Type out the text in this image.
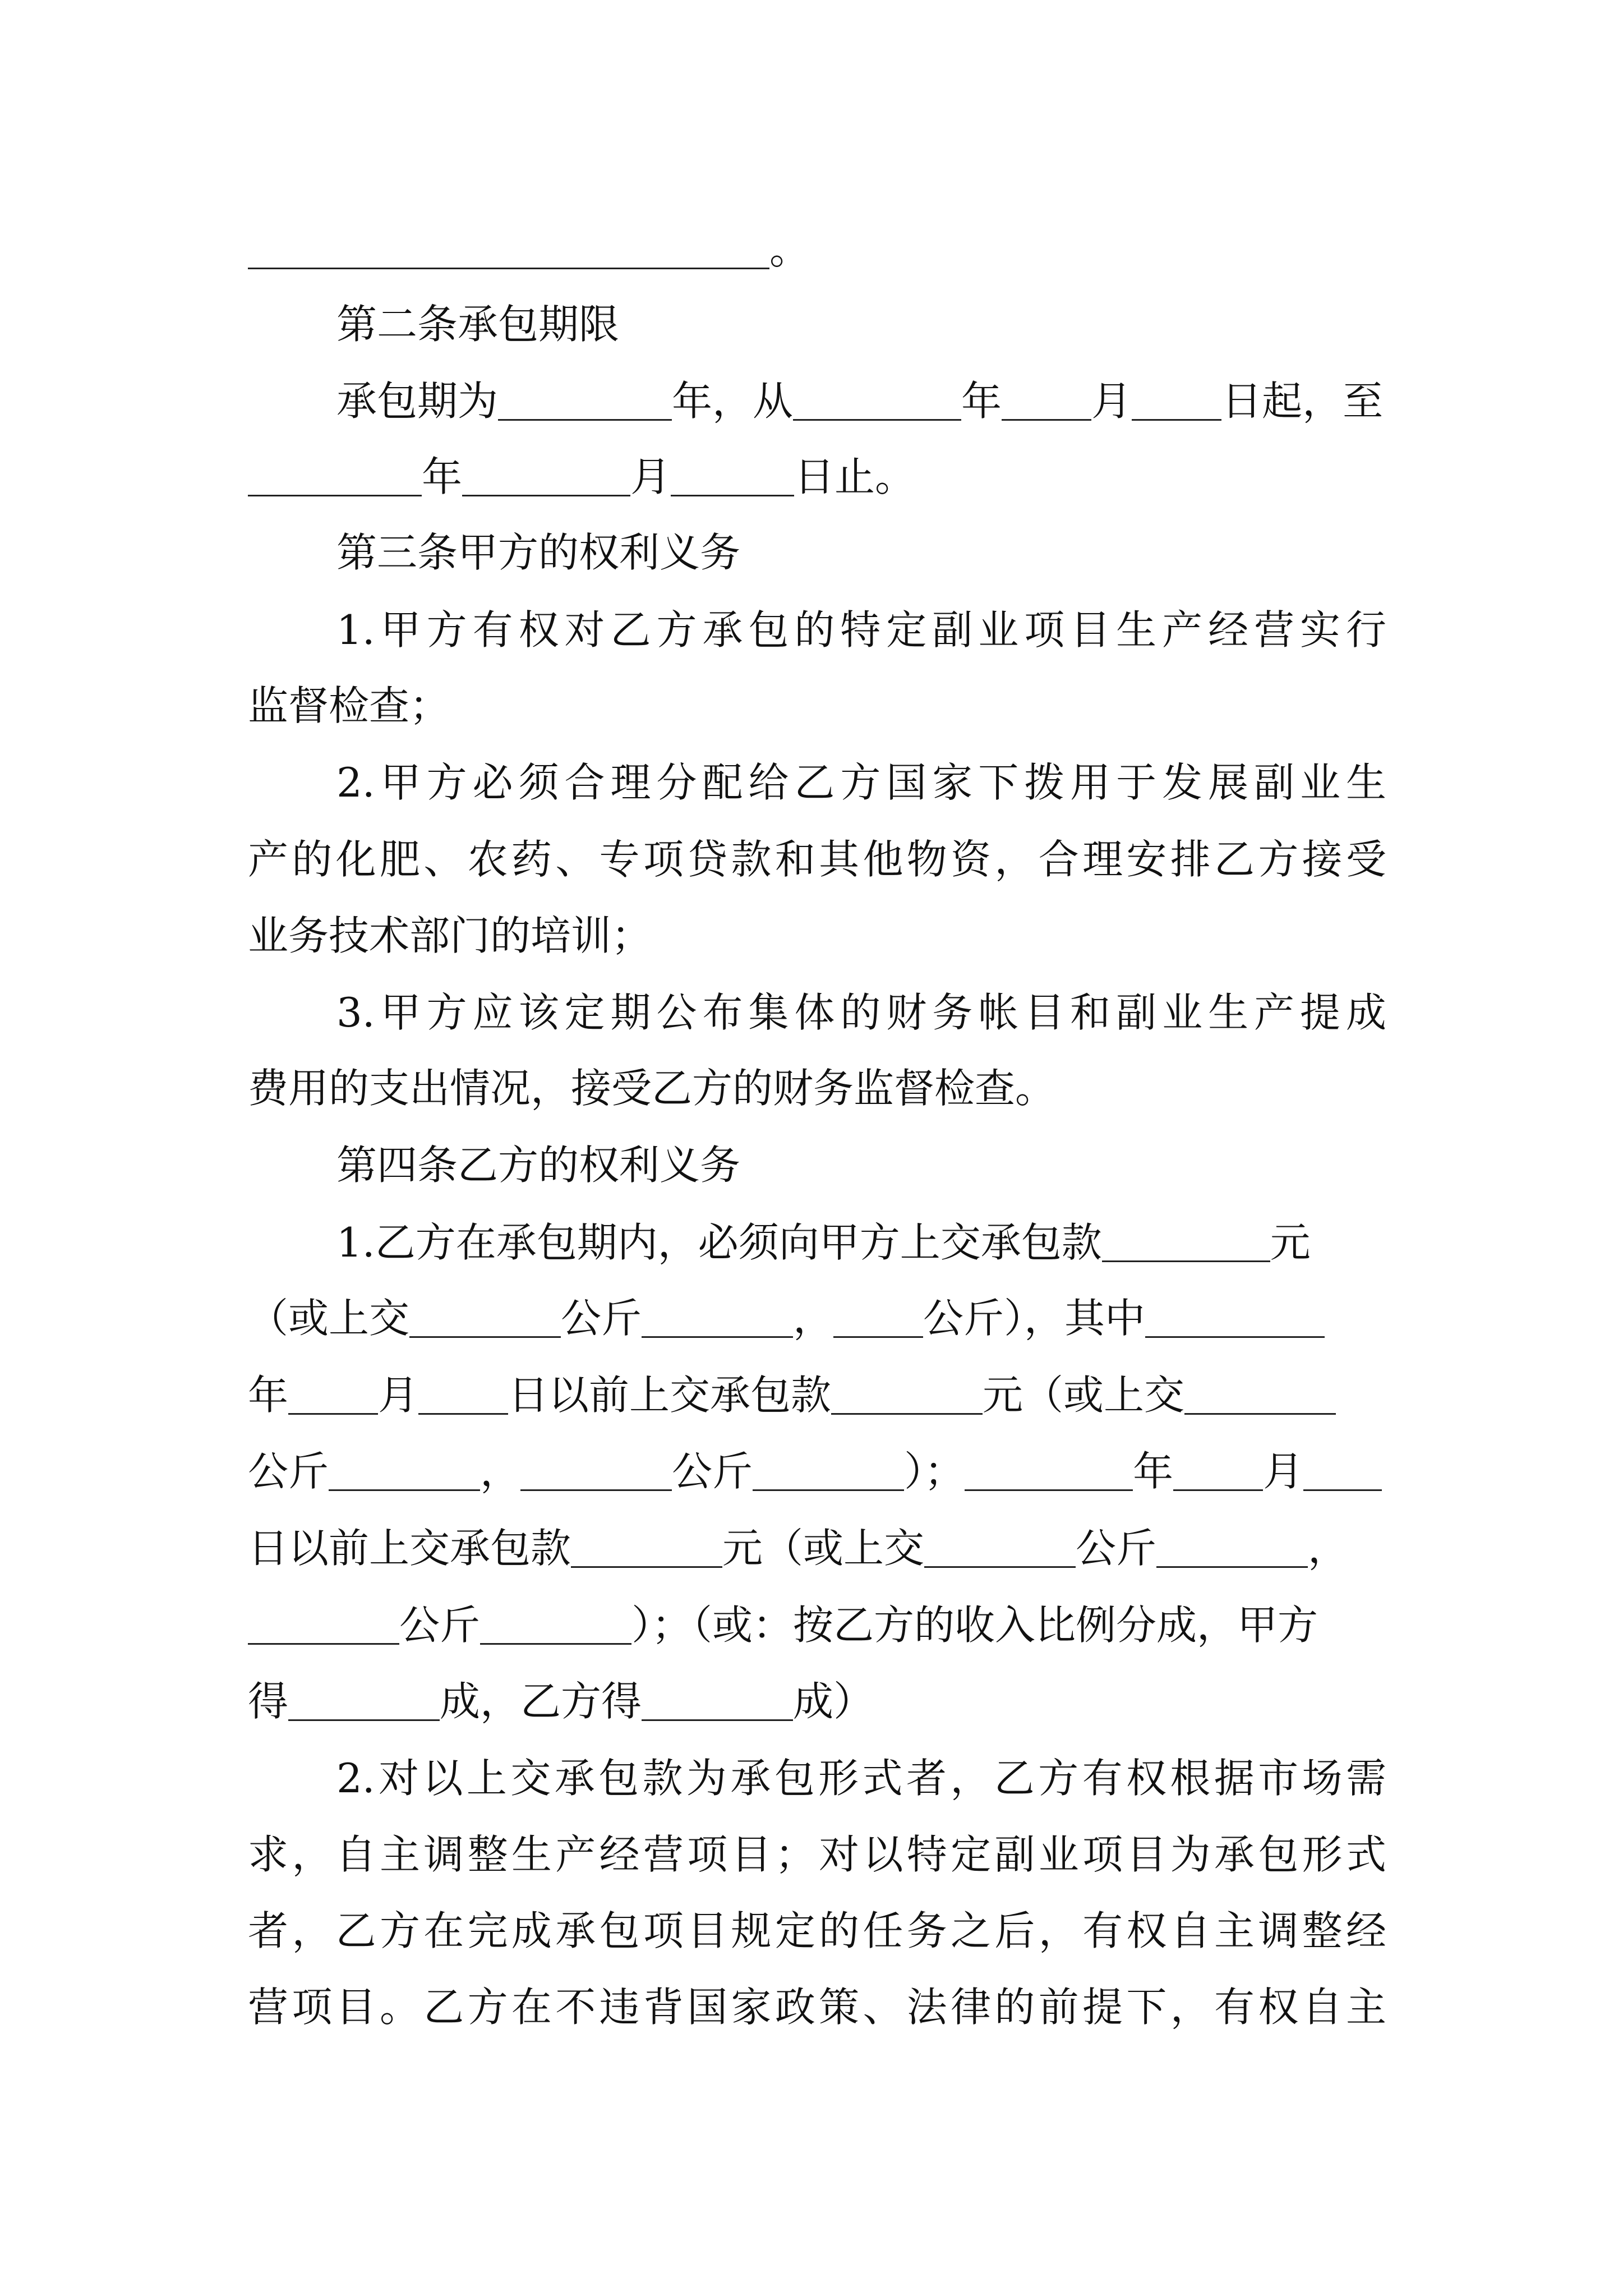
。
第二条承包期限
承包期为	年，从	年 月 日起，至
年	月	日止。
第三条甲方的权利义务
1.甲方有权对乙方承包的特定副业项目生产经营实行
监督检查；
2.甲方必须合理分配给乙方国家下拨用于发展副业生
产的化肥、农药、专项贷款和其他物资，合理安排乙方接受
业务技术部门的培训；
3.甲方应该定期公布集体的财务帐目和副业生产提成
费用的支出情况，接受乙方的财务监督检查。
第四条乙方的权利义务
1.乙方在承包期内，必须向甲方上交承包款	元
（或上交	公斤	， 公斤），其中
年 月 日以前上交承包款	元（或上交
公斤	，	公斤	）；	年 月
日以前上交承包款	元（或上交	公斤	，
公斤	）；（或：按乙方的收入比例分成，甲方
得	成，乙方得	成）
2.对以上交承包款为承包形式者，乙方有权根据市场需
求，自主调整生产经营项目；对以特定副业项目为承包形式
者，乙方在完成承包项目规定的任务之后，有权自主调整经
营项目。乙方在不违背国家政策、法律的前提下，有权自主
